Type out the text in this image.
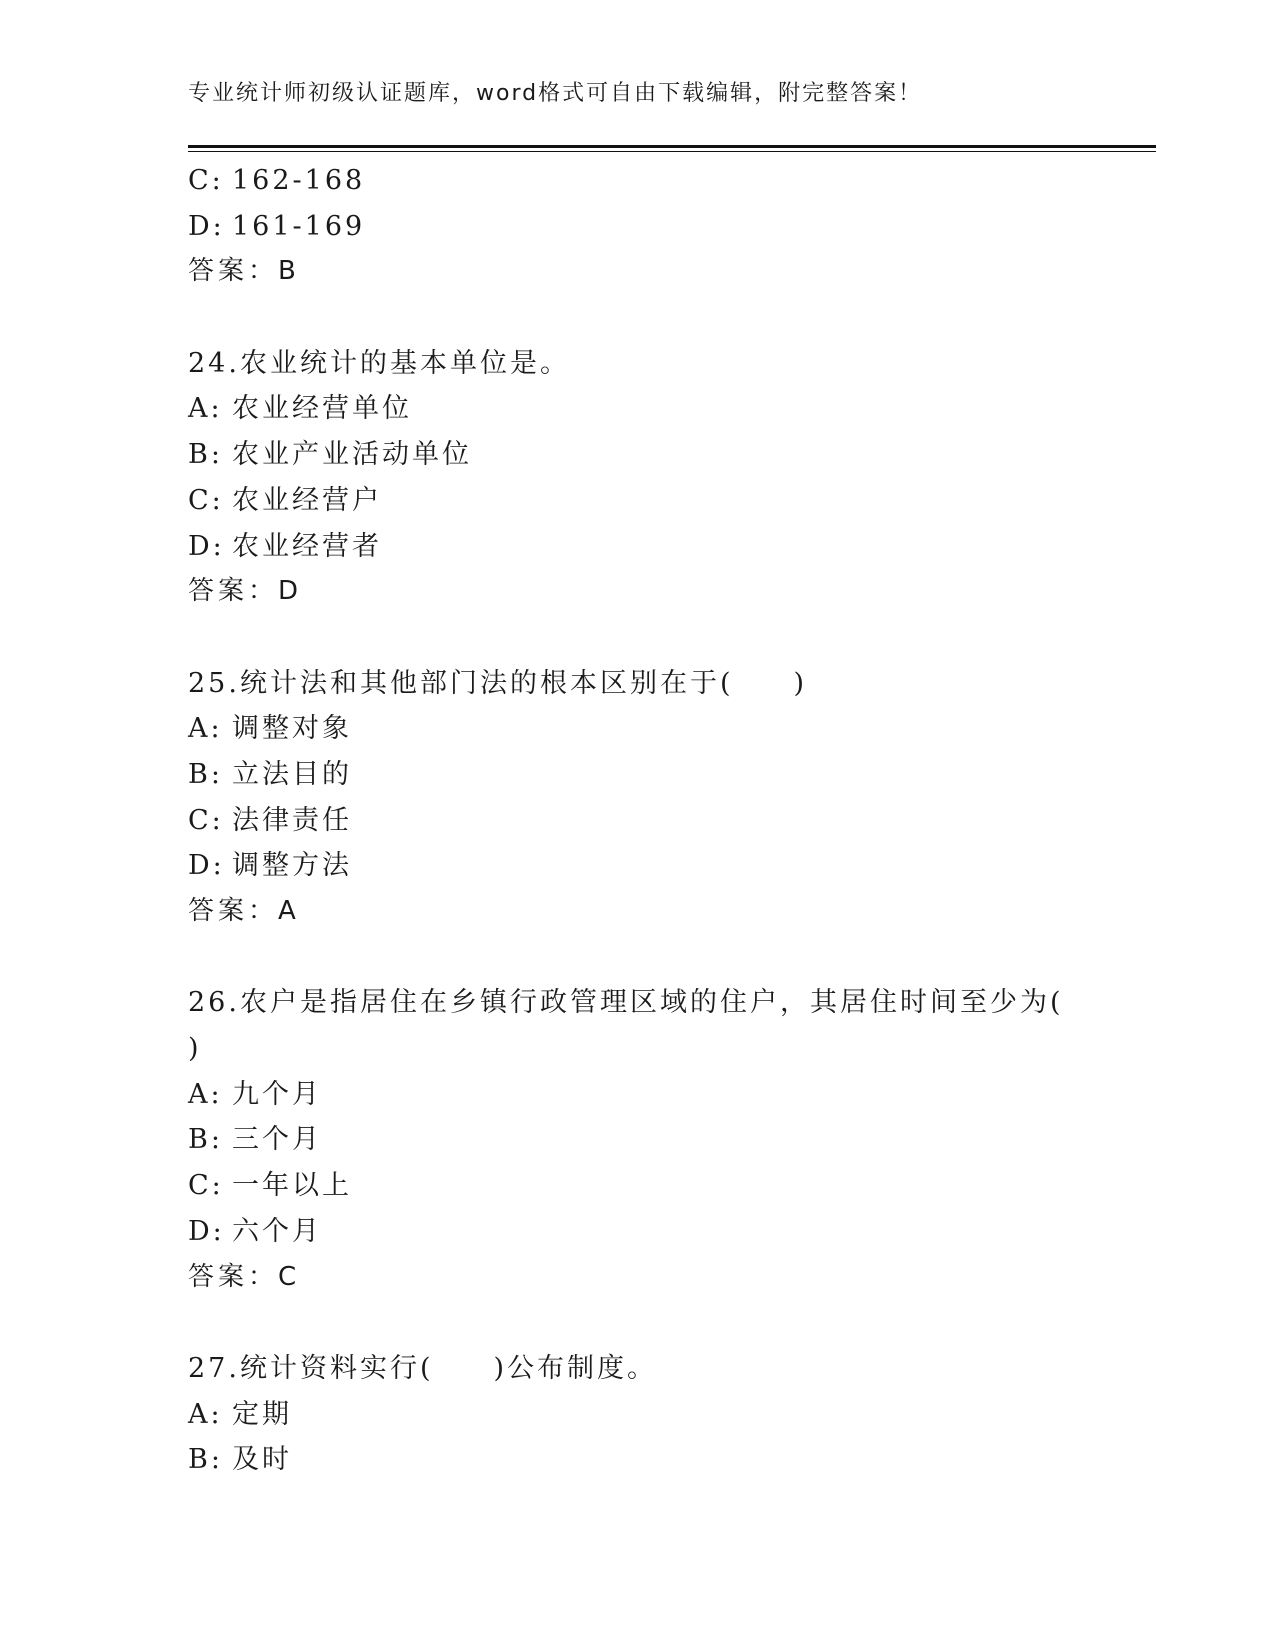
专业统计师初级认证题库，word格式可自由下载编辑，附完整答案！
C: 162-168
D: 161-169
答案：B
24.农业统计的基本单位是。
A: 农业经营单位
B: 农业产业活动单位
C: 农业经营户
D: 农业经营者
答案：D
25.统计法和其他部门法的根本区别在于(　　)
A: 调整对象
B: 立法目的
C: 法律责任
D: 调整方法
答案：A
26.农户是指居住在乡镇行政管理区域的住户，其居住时间至少为(
)
A: 九个月
B: 三个月
C: 一年以上
D: 六个月
答案：C
27.统计资料实行(　　)公布制度。
A: 定期
B: 及时
